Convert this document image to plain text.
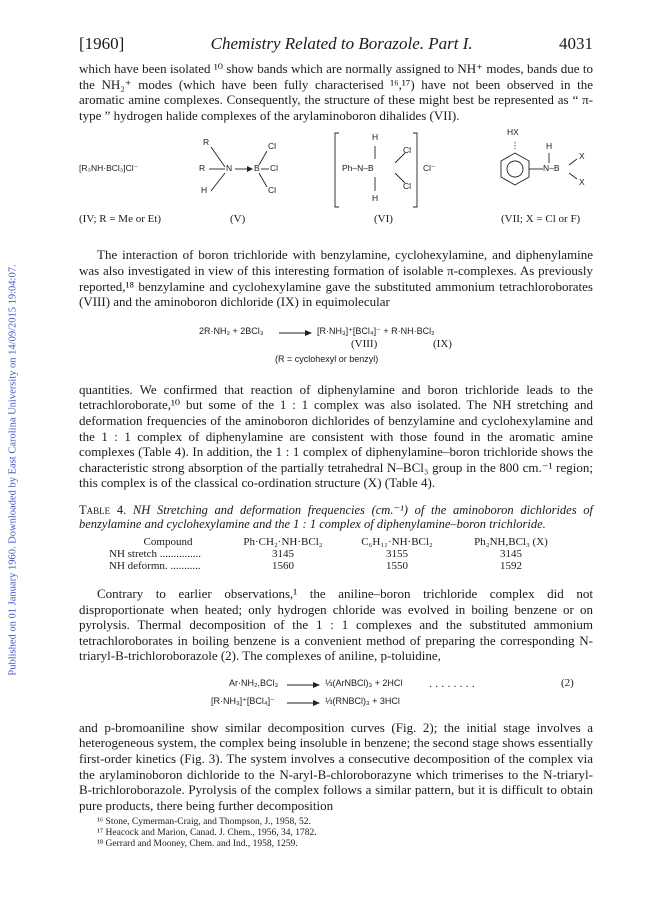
Published on 01 January 1960. Downloaded by East Carolina University on 14/09/2015 19:04:07.
[1960]	Chemistry Related to Borazole. Part I.	4031

which have been isolated ¹⁰ show bands which are normally assigned to NH⁺ modes, bands due to the NH₂⁺ modes (which have been fully characterised ¹⁶,¹⁷) have not been observed in the aromatic amine complexes. Consequently, the structure of these might best be represented as “ π-type ” hydrogen halide complexes of the arylaminoboron dihalides (VII).

[R₃NH·BCl₃]Cl⁻
(IV; R = Me or Et)
R
R
H
N	B
Cl
Cl
Cl
(V)
H
Ph–N–B
Cl
Cl
H
Cl⁻
(VI)
HX
H
N–B
X
X
(VII; X = Cl or F)

The interaction of boron trichloride with benzylamine, cyclohexylamine, and diphenylamine was also investigated in view of this interesting formation of isolable π-complexes. As previously reported,¹⁸ benzylamine and cyclohexylamine gave the substituted ammonium tetrachloroborates (VIII) and the aminoboron dichloride (IX) in equimolecular

2R·NH₂ + 2BCl₃	[R·NH₃]⁺[BCl₄]⁻ + R·NH·BCl₂
(VIII)	(IX)
(R = cyclohexyl or benzyl)

quantities. We confirmed that reaction of diphenylamine and boron trichloride leads to the tetrachloroborate,¹⁰ but some of the 1 : 1 complex was also isolated. The NH stretching and deformation frequencies of the aminoboron dichlorides of benzylamine and cyclohexylamine and the 1 : 1 complex of diphenylamine are consistent with those found in the aromatic amine complexes (Table 4). In addition, the 1 : 1 complex of diphenylamine–boron trichloride shows the characteristic strong absorption of the partially tetrahedral N–BCl₃ group in the 800 cm.⁻¹ region; this complex is of the classical co-ordination structure (X) (Table 4).

Table 4. NH Stretching and deformation frequencies (cm.⁻¹) of the aminoboron dichlorides of benzylamine and cyclohexylamine and the 1 : 1 complex of diphenylamine–boron trichloride.
Compound	Ph·CH₂·NH·BCl₂	C₆H₁₁·NH·BCl₂	Ph₂NH,BCl₃ (X)
NH stretch ...............	3145	3155	3145
NH deformn. ...........	1560	1550	1592

Contrary to earlier observations,¹ the aniline–boron trichloride complex did not disproportionate when heated; only hydrogen chloride was evolved in boiling benzene or on pyrolysis. Thermal decomposition of the 1 : 1 complexes and the substituted ammonium tetrachloroborates in boiling benzene is a convenient method of preparing the corresponding N-triaryl-B-trichloroborazole (2). The complexes of aniline, p-toluidine,

Ar·NH₂,BCl₃	⅓(ArNBCl)₃ + 2HCl . . . . . . . .	(2)
[R·NH₃]⁺[BCl₄]⁻	⅓(RNBCl)₃ + 3HCl

and p-bromoaniline show similar decomposition curves (Fig. 2); the initial stage involves a heterogeneous system, the complex being insoluble in benzene; the second stage shows essentially first-order kinetics (Fig. 3). The system involves a consecutive decomposition of the complex via the arylaminoboron dichloride to the N-aryl-B-chloroborazyne which trimerises to the N-triaryl-B-trichloroborazole. Pyrolysis of the complex follows a similar pattern, but it is difficult to obtain pure products, there being further decomposition

¹⁶ Stone, Cymerman-Craig, and Thompson, J., 1958, 52.
¹⁷ Heacock and Marion, Canad. J. Chem., 1956, 34, 1782.
¹⁸ Gerrard and Mooney, Chem. and Ind., 1958, 1259.
